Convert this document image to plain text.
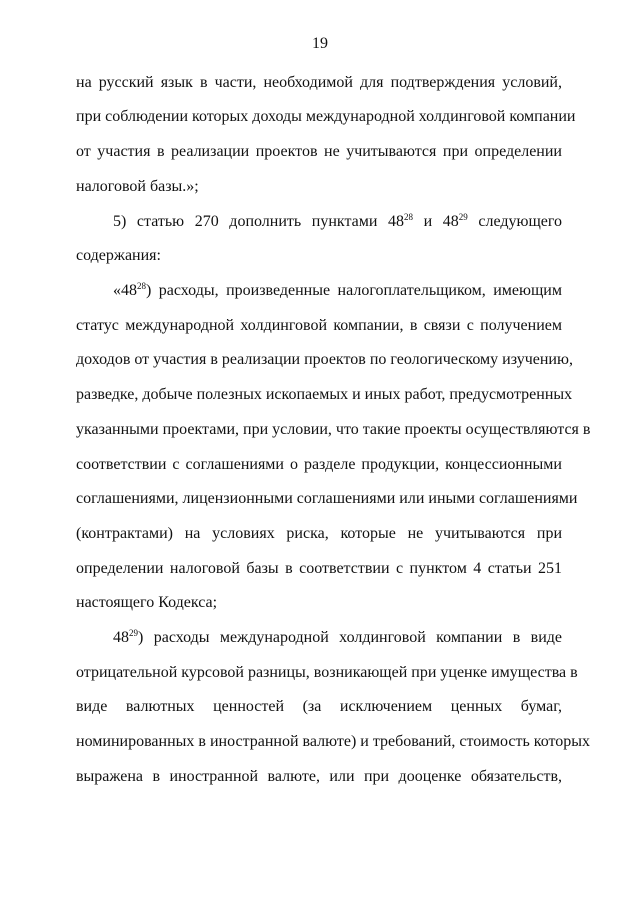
19
на русский язык в части, необходимой для подтверждения условий,
при соблюдении которых доходы международной холдинговой компании
от участия в реализации проектов не учитываются при определении
налоговой базы.»;
5) статью 270 дополнить пунктами $48^{28}$ и $48^{29}$ следующего
содержания:
«$48^{28}$) расходы, произведенные налогоплательщиком, имеющим
статус международной холдинговой компании, в связи с получением
доходов от участия в реализации проектов по геологическому изучению,
разведке, добыче полезных ископаемых и иных работ, предусмотренных
указанными проектами, при условии, что такие проекты осуществляются в
соответствии с соглашениями о разделе продукции, концессионными
соглашениями, лицензионными соглашениями или иными соглашениями
(контрактами) на условиях риска, которые не учитываются при
определении налоговой базы в соответствии с пунктом 4 статьи 251
настоящего Кодекса;
$48^{29}$) расходы международной холдинговой компании в виде
отрицательной курсовой разницы, возникающей при уценке имущества в
виде валютных ценностей (за исключением ценных бумаг,
номинированных в иностранной валюте) и требований, стоимость которых
выражена в иностранной валюте, или при дооценке обязательств,
